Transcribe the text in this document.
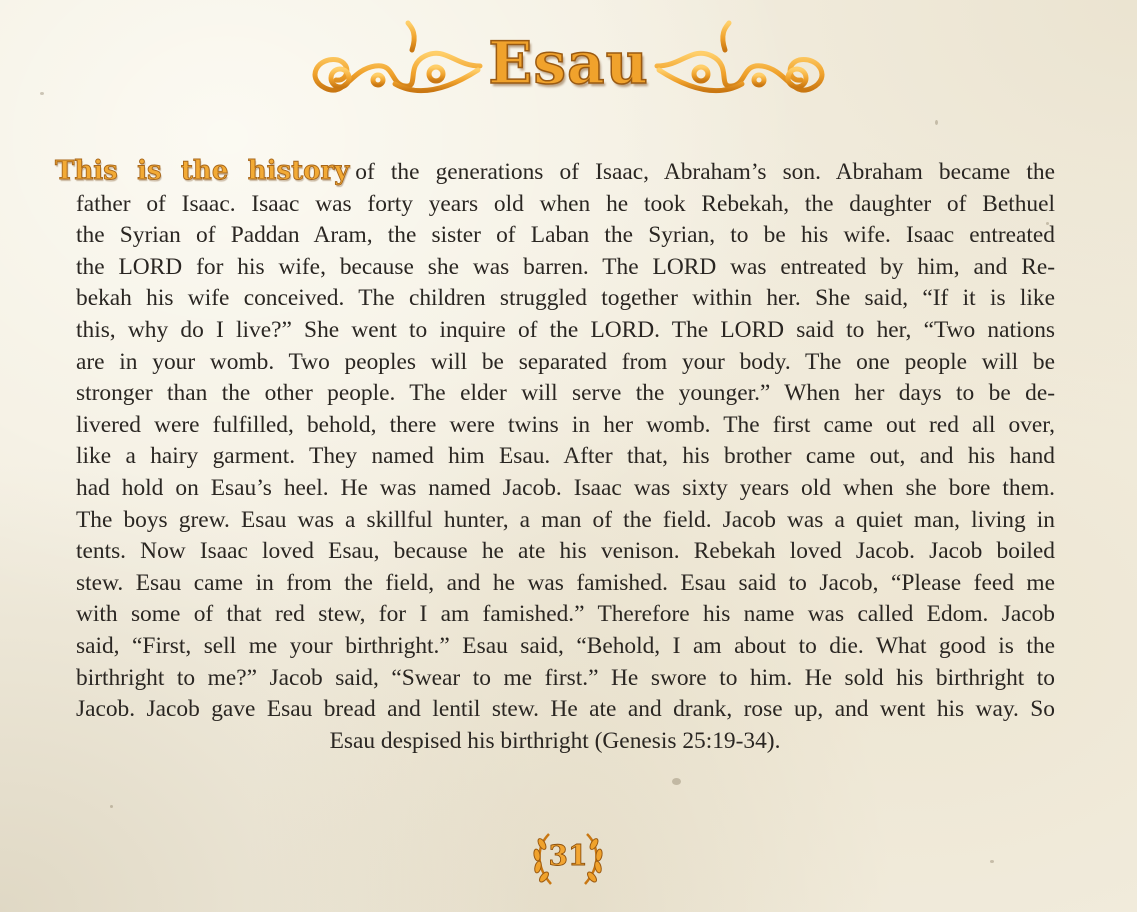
Esau
This is the history of the generations of Isaac, Abraham’s son. Abraham became the
father of Isaac. Isaac was forty years old when he took Rebekah, the daughter of Bethuel
the Syrian of Paddan Aram, the sister of Laban the Syrian, to be his wife. Isaac entreated
the LORD for his wife, because she was barren. The LORD was entreated by him, and Re-
bekah his wife conceived. The children struggled together within her. She said, “If it is like
this, why do I live?” She went to inquire of the LORD. The LORD said to her, “Two nations
are in your womb. Two peoples will be separated from your body. The one people will be
stronger than the other people. The elder will serve the younger.” When her days to be de-
livered were fulfilled, behold, there were twins in her womb. The first came out red all over,
like a hairy garment. They named him Esau. After that, his brother came out, and his hand
had hold on Esau’s heel. He was named Jacob. Isaac was sixty years old when she bore them.
The boys grew. Esau was a skillful hunter, a man of the field. Jacob was a quiet man, living in
tents. Now Isaac loved Esau, because he ate his venison. Rebekah loved Jacob. Jacob boiled
stew. Esau came in from the field, and he was famished. Esau said to Jacob, “Please feed me
with some of that red stew, for I am famished.” Therefore his name was called Edom. Jacob
said, “First, sell me your birthright.” Esau said, “Behold, I am about to die. What good is the
birthright to me?” Jacob said, “Swear to me first.” He swore to him. He sold his birthright to
Jacob. Jacob gave Esau bread and lentil stew. He ate and drank, rose up, and went his way. So
Esau despised his birthright (Genesis 25:19-34).
31
